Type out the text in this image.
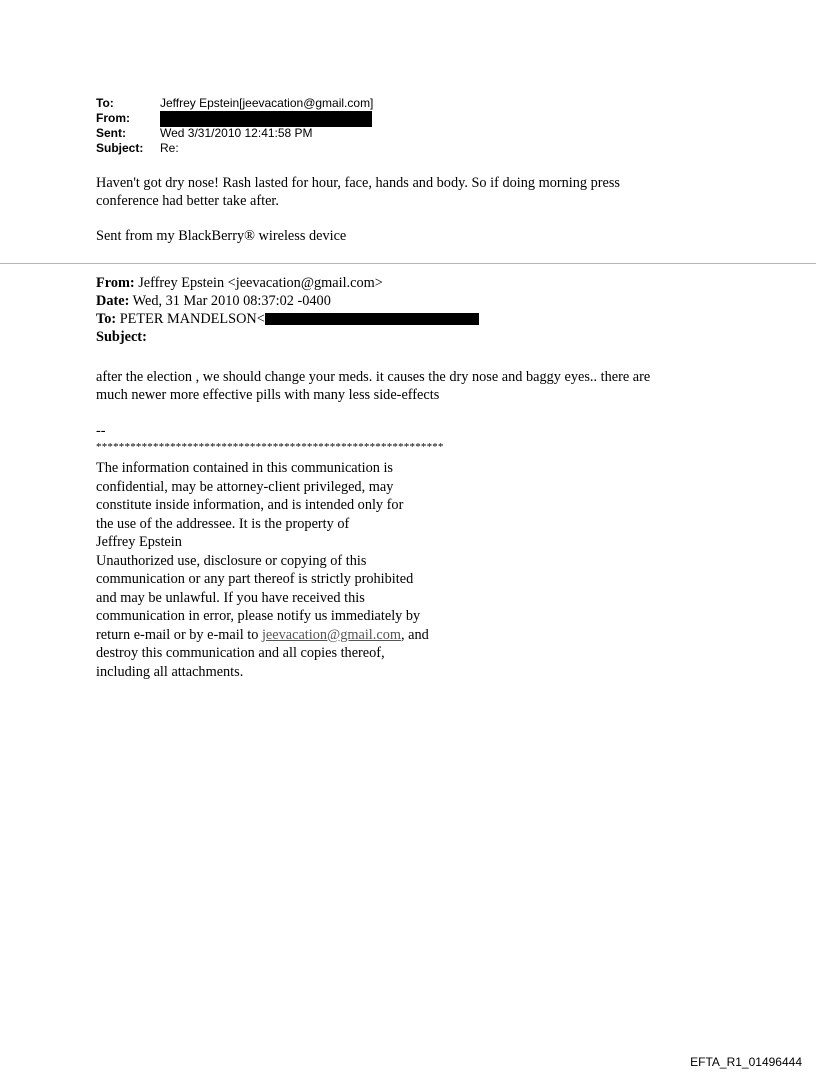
To:	Jeffrey Epstein[jeevacation@gmail.com]
From:
Sent:	Wed 3/31/2010 12:41:58 PM
Subject:	Re:
Haven't got dry nose! Rash lasted for hour, face, hands and body. So if doing morning press
conference had better take after.
Sent from my BlackBerry® wireless device
From: Jeffrey Epstein <jeevacation@gmail.com>
Date: Wed, 31 Mar 2010 08:37:02 -0400
To: PETER MANDELSON<
Subject:
after the election , we should change your meds. it causes the dry nose and baggy eyes.. there are
much newer more effective pills with many less side-effects
--
*************************************************************
The information contained in this communication is
confidential, may be attorney-client privileged, may
constitute inside information, and is intended only for
the use of the addressee. It is the property of
Jeffrey Epstein
Unauthorized use, disclosure or copying of this
communication or any part thereof is strictly prohibited
and may be unlawful. If you have received this
communication in error, please notify us immediately by
return e-mail or by e-mail to jeevacation@gmail.com, and
destroy this communication and all copies thereof,
including all attachments.
EFTA_R1_01496444
